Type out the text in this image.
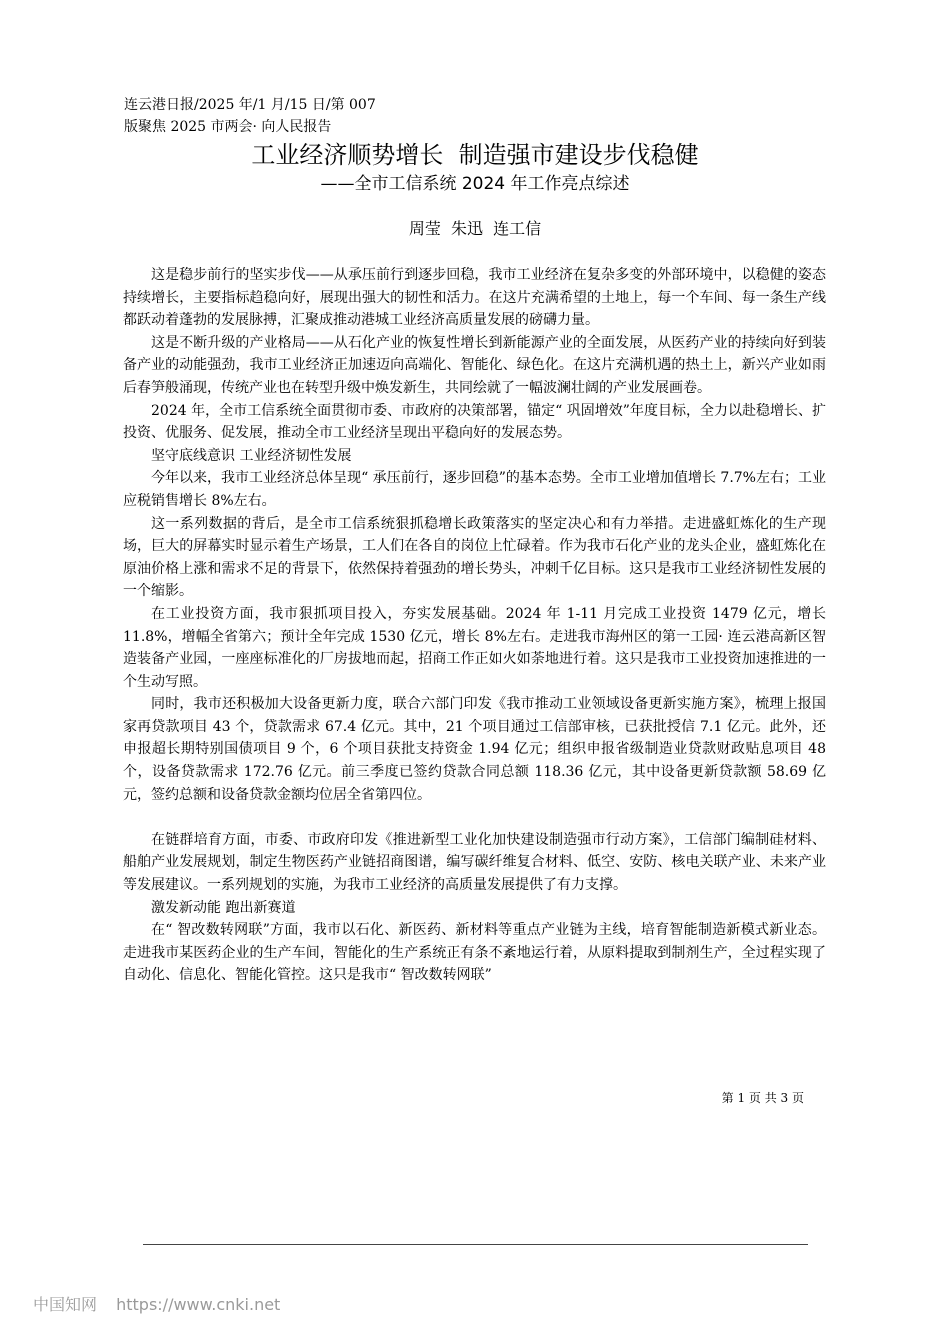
连云港日报/2025 年/1 月/15 日/第 007
版聚焦 2025 市两会· 向人民报告
工业经济顺势增长  制造强市建设步伐稳健
——全市工信系统 2024 年工作亮点综述
周莹  朱迅  连工信

这是稳步前行的坚实步伐——从承压前行到逐步回稳，我市工业经济在复杂多变的外部环境中，以稳健的姿态持续增长，主要指标趋稳向好，展现出强大的韧性和活力。在这片充满希望的土地上，每一个车间、每一条生产线都跃动着蓬勃的发展脉搏，汇聚成推动港城工业经济高质量发展的磅礴力量。

这是不断升级的产业格局——从石化产业的恢复性增长到新能源产业的全面发展，从医药产业的持续向好到装备产业的动能强劲，我市工业经济正加速迈向高端化、智能化、绿色化。在这片充满机遇的热土上，新兴产业如雨后春笋般涌现，传统产业也在转型升级中焕发新生，共同绘就了一幅波澜壮阔的产业发展画卷。

2024 年，全市工信系统全面贯彻市委、市政府的决策部署，锚定“ 巩固增效”年度目标，全力以赴稳增长、扩投资、优服务、促发展，推动全市工业经济呈现出平稳向好的发展态势。

坚守底线意识 工业经济韧性发展

今年以来，我市工业经济总体呈现“ 承压前行，逐步回稳”的基本态势。全市工业增加值增长 7.7%左右；工业应税销售增长 8%左右。

这一系列数据的背后，是全市工信系统狠抓稳增长政策落实的坚定决心和有力举措。走进盛虹炼化的生产现场，巨大的屏幕实时显示着生产场景，工人们在各自的岗位上忙碌着。作为我市石化产业的龙头企业，盛虹炼化在原油价格上涨和需求不足的背景下，依然保持着强劲的增长势头，冲刺千亿目标。这只是我市工业经济韧性发展的一个缩影。

在工业投资方面，我市狠抓项目投入，夯实发展基础。2024 年 1-11 月完成工业投资 1479 亿元，增长 11.8%，增幅全省第六；预计全年完成 1530 亿元，增长 8%左右。走进我市海州区的第一工园· 连云港高新区智造装备产业园，一座座标准化的厂房拔地而起，招商工作正如火如荼地进行着。这只是我市工业投资加速推进的一个生动写照。

同时，我市还积极加大设备更新力度，联合六部门印发《我市推动工业领域设备更新实施方案》，梳理上报国家再贷款项目 43 个，贷款需求 67.4 亿元。其中，21 个项目通过工信部审核，已获批授信 7.1 亿元。此外，还申报超长期特别国债项目 9 个，6 个项目获批支持资金 1.94 亿元；组织申报省级制造业贷款财政贴息项目 48 个，设备贷款需求 172.76 亿元。前三季度已签约贷款合同总额 118.36 亿元，其中设备更新贷款额 58.69 亿元，签约总额和设备贷款金额均位居全省第四位。

在链群培育方面，市委、市政府印发《推进新型工业化加快建设制造强市行动方案》，工信部门编制硅材料、船舶产业发展规划，制定生物医药产业链招商图谱，编写碳纤维复合材料、低空、安防、核电关联产业、未来产业等发展建议。一系列规划的实施，为我市工业经济的高质量发展提供了有力支撑。

激发新动能 跑出新赛道

在“ 智改数转网联”方面，我市以石化、新医药、新材料等重点产业链为主线，培育智能制造新模式新业态。走进我市某医药企业的生产车间，智能化的生产系统正有条不紊地运行着，从原料提取到制剂生产，全过程实现了自动化、信息化、智能化管控。这只是我市“ 智改数转网联”

第 1 页 共 3 页
中国知网 https://www.cnki.net
